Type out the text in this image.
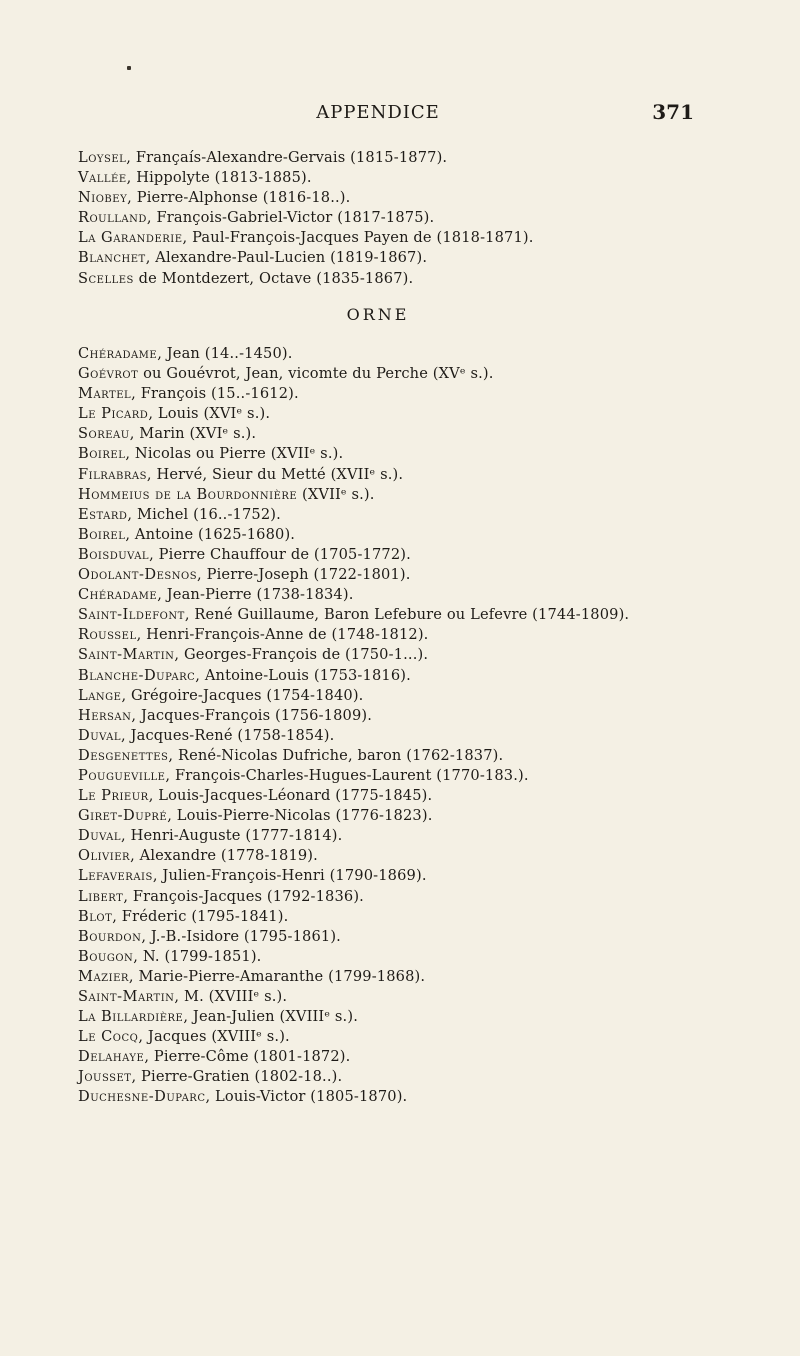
APPENDICE	371
Loysel, Françaís-Alexandre-Gervais (1815-1877).
Vallée, Hippolyte (1813-1885).
Niobey, Pierre-Alphonse (1816-18..).
Roulland, François-Gabriel-Victor (1817-1875).
La Garanderie, Paul-François-Jacques Payen de (1818-1871).
Blanchet, Alexandre-Paul-Lucien (1819-1867).
Scelles de Montdezert, Octave (1835-1867).
ORNE
Chéradame, Jean (14..-1450).
Goévrot ou Gouévrot, Jean, vicomte du Perche (XVᵉ s.).
Martel, François (15..-1612).
Le Picard, Louis (XVIᵉ s.).
Soreau, Marin (XVIᵉ s.).
Boirel, Nicolas ou Pierre (XVIIᵉ s.).
Filrabras, Hervé, Sieur du Metté (XVIIᵉ s.).
Hommeius de la Bourdonnière (XVIIᵉ s.).
Estard, Michel (16..-1752).
Boirel, Antoine (1625-1680).
Boisduval, Pierre Chauffour de (1705-1772).
Odolant-Desnos, Pierre-Joseph (1722-1801).
Chéradame, Jean-Pierre (1738-1834).
Saint-Ildefont, René Guillaume, Baron Lefebure ou Lefevre (1744-1809).
Roussel, Henri-François-Anne de (1748-1812).
Saint-Martin, Georges-François de (1750-1...).
Blanche-Duparc, Antoine-Louis (1753-1816).
Lange, Grégoire-Jacques (1754-1840).
Hersan, Jacques-François (1756-1809).
Duval, Jacques-René (1758-1854).
Desgenettes, René-Nicolas Dufriche, baron (1762-1837).
Pougueville, François-Charles-Hugues-Laurent (1770-183.).
Le Prieur, Louis-Jacques-Léonard (1775-1845).
Giret-Dupré, Louis-Pierre-Nicolas (1776-1823).
Duval, Henri-Auguste (1777-1814).
Olivier, Alexandre (1778-1819).
Lefaverais, Julien-François-Henri (1790-1869).
Libert, François-Jacques (1792-1836).
Blot, Fréderic (1795-1841).
Bourdon, J.-B.-Isidore (1795-1861).
Bougon, N. (1799-1851).
Mazier, Marie-Pierre-Amaranthe (1799-1868).
Saint-Martin, M. (XVIIIᵉ s.).
La Billardière, Jean-Julien (XVIIIᵉ s.).
Le Cocq, Jacques (XVIIIᵉ s.).
Delahaye, Pierre-Côme (1801-1872).
Jousset, Pierre-Gratien (1802-18..).
Duchesne-Duparc, Louis-Victor (1805-1870).
